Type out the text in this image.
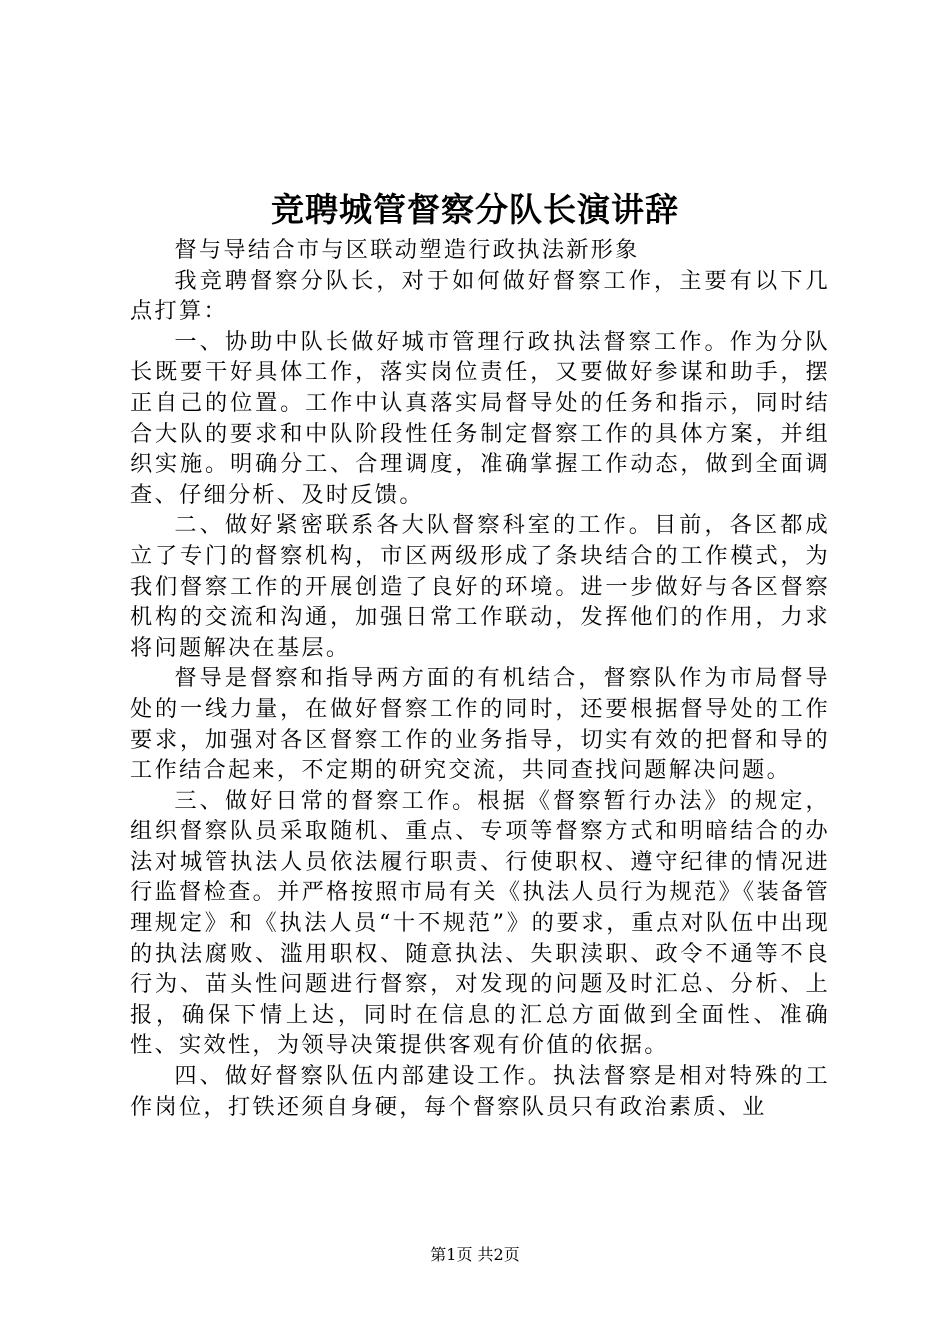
竞聘城管督察分队长演讲辞

督与导结合市与区联动塑造行政执法新形象

我竞聘督察分队长，对于如何做好督察工作，主要有以下几点打算：

一、协助中队长做好城市管理行政执法督察工作。作为分队长既要干好具体工作，落实岗位责任，又要做好参谋和助手，摆正自己的位置。工作中认真落实局督导处的任务和指示，同时结合大队的要求和中队阶段性任务制定督察工作的具体方案，并组织实施。明确分工、合理调度，准确掌握工作动态，做到全面调查、仔细分析、及时反馈。

二、做好紧密联系各大队督察科室的工作。目前，各区都成立了专门的督察机构，市区两级形成了条块结合的工作模式，为我们督察工作的开展创造了良好的环境。进一步做好与各区督察机构的交流和沟通，加强日常工作联动，发挥他们的作用，力求将问题解决在基层。

督导是督察和指导两方面的有机结合，督察队作为市局督导处的一线力量，在做好督察工作的同时，还要根据督导处的工作要求，加强对各区督察工作的业务指导，切实有效的把督和导的工作结合起来，不定期的研究交流，共同查找问题解决问题。

三、做好日常的督察工作。根据《督察暂行办法》的规定，组织督察队员采取随机、重点、专项等督察方式和明暗结合的办法对城管执法人员依法履行职责、行使职权、遵守纪律的情况进行监督检查。并严格按照市局有关《执法人员行为规范》《装备管理规定》和《执法人员“十不规范”》的要求，重点对队伍中出现的执法腐败、滥用职权、随意执法、失职渎职、政令不通等不良行为、苗头性问题进行督察，对发现的问题及时汇总、分析、上报，确保下情上达，同时在信息的汇总方面做到全面性、准确性、实效性，为领导决策提供客观有价值的依据。

四、做好督察队伍内部建设工作。执法督察是相对特殊的工作岗位，打铁还须自身硬，每个督察队员只有政治素质、业

第1页 共2页
